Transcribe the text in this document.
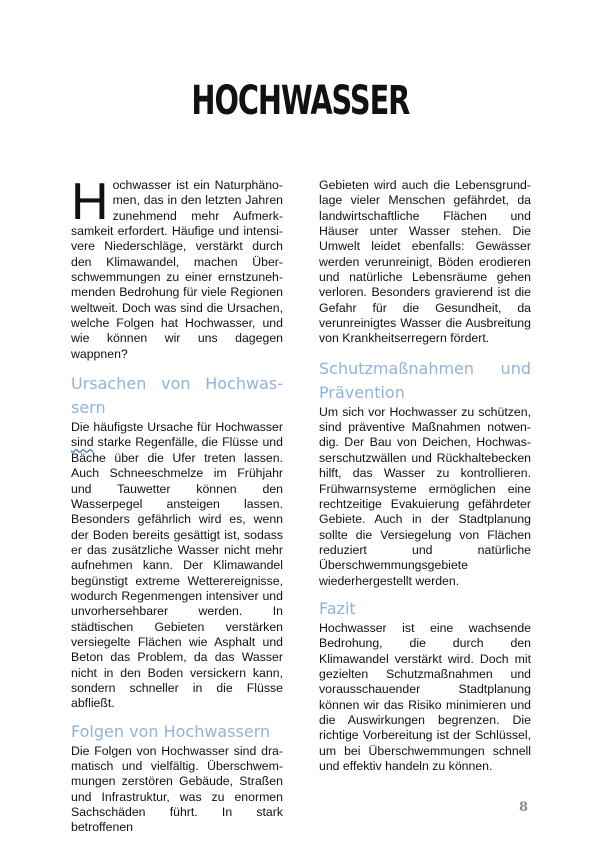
HOCHWASSER

Hochwasser ist ein Naturphänomen, das in den letzten Jahren zunehmend mehr Aufmerksamkeit erfordert. Häufige und intensivere Niederschläge, verstärkt durch den Klimawandel, machen Überschwemmungen zu einer ernstzunehmenden Bedrohung für viele Regionen weltweit. Doch was sind die Ursachen, welche Folgen hat Hochwasser, und wie können wir uns dagegen wappnen?

Ursachen von Hochwassern

Die häufigste Ursache für Hochwasser sind starke Regenfälle, die Flüsse und Bäche über die Ufer treten lassen. Auch Schneeschmelze im Frühjahr und Tauwetter können den Wasserpegel ansteigen lassen. Besonders gefährlich wird es, wenn der Boden bereits gesättigt ist, sodass er das zusätzliche Wasser nicht mehr aufnehmen kann. Der Klimawandel begünstigt extreme Wetterereignisse, wodurch Regenmengen intensiver und unvorhersehbarer werden. In städtischen Gebieten verstärken versiegelte Flächen wie Asphalt und Beton das Problem, da das Wasser nicht in den Boden versickern kann, sondern schneller in die Flüsse abfließt.

Folgen von Hochwassern

Die Folgen von Hochwasser sind dramatisch und vielfältig. Überschwemmungen zerstören Gebäude, Straßen und Infrastruktur, was zu enormen Sachschäden führt. In stark betroffenen

Gebieten wird auch die Lebensgrundlage vieler Menschen gefährdet, da landwirtschaftliche Flächen und Häuser unter Wasser stehen. Die Umwelt leidet ebenfalls: Gewässer werden verunreinigt, Böden erodieren und natürliche Lebensräume gehen verloren. Besonders gravierend ist die Gefahr für die Gesundheit, da verunreinigtes Wasser die Ausbreitung von Krankheitserregern fördert.

Schutzmaßnahmen und Prävention

Um sich vor Hochwasser zu schützen, sind präventive Maßnahmen notwendig. Der Bau von Deichen, Hochwasserschutzwällen und Rückhaltebecken hilft, das Wasser zu kontrollieren. Frühwarnsysteme ermöglichen eine rechtzeitige Evakuierung gefährdeter Gebiete. Auch in der Stadtplanung sollte die Versiegelung von Flächen reduziert und natürliche Überschwemmungsgebiete wiederhergestellt werden.

Fazit

Hochwasser ist eine wachsende Bedrohung, die durch den Klimawandel verstärkt wird. Doch mit gezielten Schutzmaßnahmen und vorausschauender Stadtplanung können wir das Risiko minimieren und die Auswirkungen begrenzen. Die richtige Vorbereitung ist der Schlüssel, um bei Überschwemmungen schnell und effektiv handeln zu können.

8
